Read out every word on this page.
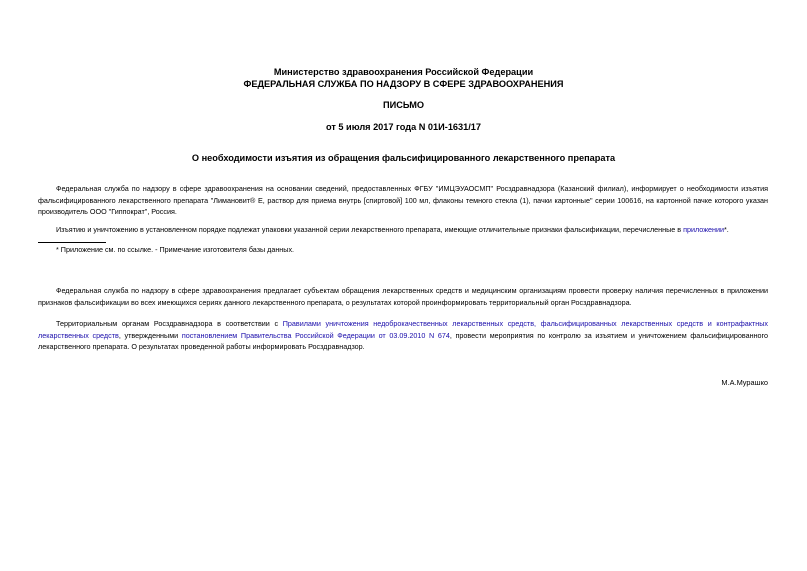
Министерство здравоохранения Российской Федерации
ФЕДЕРАЛЬНАЯ СЛУЖБА ПО НАДЗОРУ В СФЕРЕ ЗДРАВООХРАНЕНИЯ
ПИСЬМО
от 5 июля 2017 года N 01И-1631/17
О необходимости изъятия из обращения фальсифицированного лекарственного препарата
Федеральная служба по надзору в сфере здравоохранения на основании сведений, предоставленных ФГБУ "ИМЦЭУАОСМП" Росздравнадзора (Казанский филиал), информирует о необходимости изъятия фальсифицированного лекарственного препарата "Лимановит® Е, раствор для приема внутрь [спиртовой] 100 мл, флаконы темного стекла (1), пачки картонные" серии 100616, на картонной пачке которого указан производитель ООО "Гиппократ", Россия.
Изъятию и уничтожению в установленном порядке подлежат упаковки указанной серии лекарственного препарата, имеющие отличительные признаки фальсификации, перечисленные в приложении*.
* Приложение см. по ссылке. - Примечание изготовителя базы данных.
Федеральная служба по надзору в сфере здравоохранения предлагает субъектам обращения лекарственных средств и медицинским организациям провести проверку наличия перечисленных в приложении признаков фальсификации во всех имеющихся сериях данного лекарственного препарата, о результатах которой проинформировать территориальный орган Росздравнадзора.
Территориальным органам Росздравнадзора в соответствии с Правилами уничтожения недоброкачественных лекарственных средств, фальсифицированных лекарственных средств и контрафактных лекарственных средств, утвержденными постановлением Правительства Российской Федерации от 03.09.2010 N 674, провести мероприятия по контролю за изъятием и уничтожением фальсифицированного лекарственного препарата. О результатах проведенной работы информировать Росздравнадзор.
М.А.Мурашко
